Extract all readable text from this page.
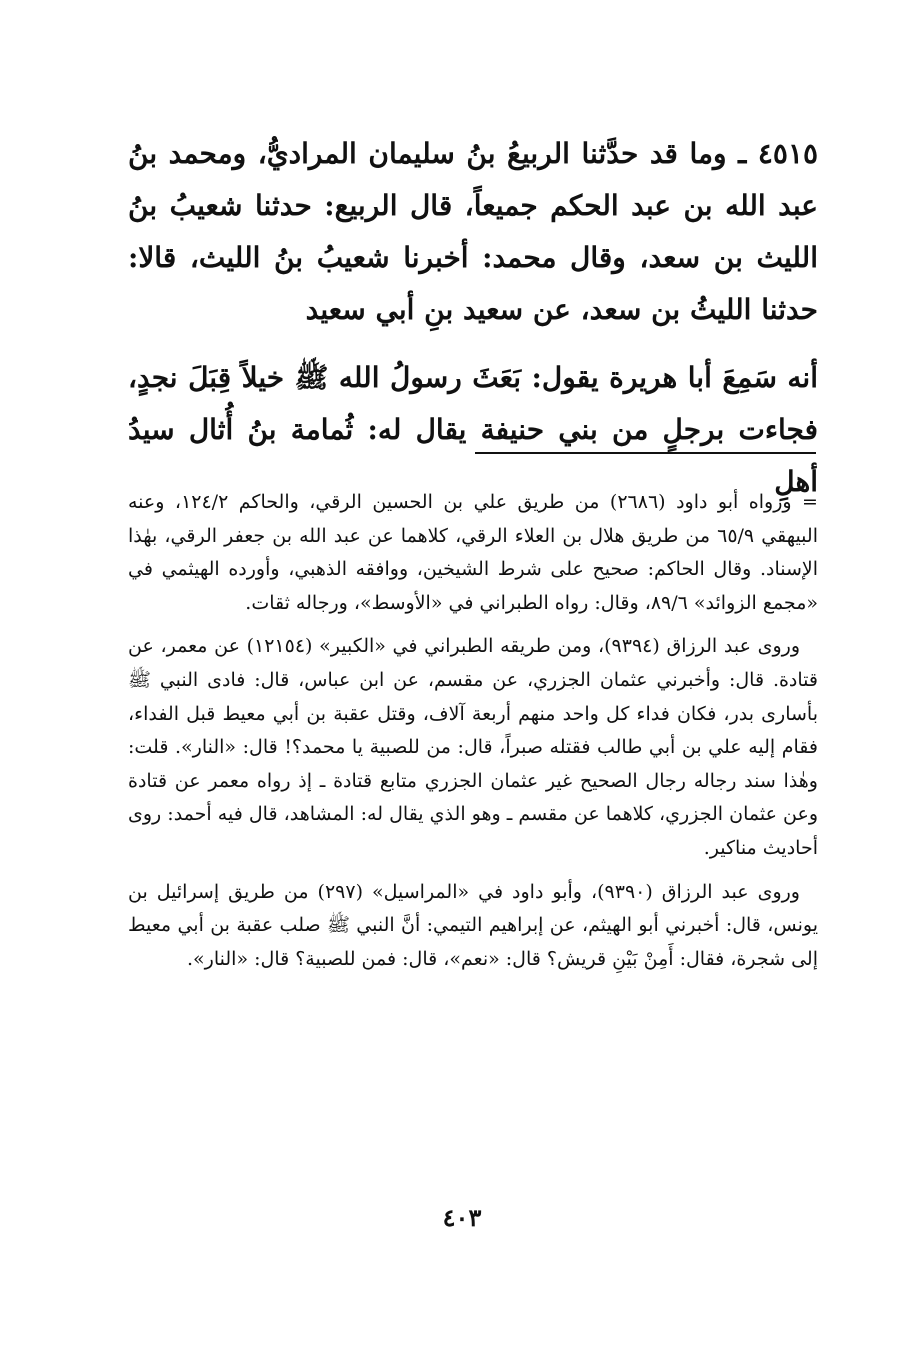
٤٥١٥ ـ وما قد حدَّثنا الربيعُ بنُ سليمان المراديُّ، ومحمد بنُ عبد الله بن عبد الحكم جميعاً، قال الربيع: حدثنا شعيبُ بنُ الليث بن سعد، وقال محمد: أخبرنا شعيبُ بنُ الليث، قالا: حدثنا الليثُ بن سعد، عن سعيد بنِ أبي سعيد

أنه سَمِعَ أبا هريرة يقول: بَعَثَ رسولُ الله ﷺ خيلاً قِبَلَ نجدٍ، فجاءت برجلٍ من بني حنيفة يقال له: ثُمامة بنُ أُثال سيدُ أهلِ

= ورواه أبو داود (٢٦٨٦) من طريق علي بن الحسين الرقي، والحاكم ١٢٤/٢، وعنه البيهقي ٦٥/٩ من طريق هلال بن العلاء الرقي، كلاهما عن عبد الله بن جعفر الرقي، بهٰذا الإسناد. وقال الحاكم: صحيح على شرط الشيخين، ووافقه الذهبي، وأورده الهيثمي في «مجمع الزوائد» ٨٩/٦، وقال: رواه الطبراني في «الأوسط»، ورجاله ثقات.

وروى عبد الرزاق (٩٣٩٤)، ومن طريقه الطبراني في «الكبير» (١٢١٥٤) عن معمر، عن قتادة. قال: وأخبرني عثمان الجزري، عن مقسم، عن ابن عباس، قال: فادى النبي ﷺ بأسارى بدر، فكان فداء كل واحد منهم أربعة آلاف، وقتل عقبة بن أبي معيط قبل الفداء، فقام إليه علي بن أبي طالب فقتله صبراً، قال: من للصبية يا محمد؟! قال: «النار». قلت: وهٰذا سند رجاله رجال الصحيح غير عثمان الجزري متابع قتادة ـ إذ رواه معمر عن قتادة وعن عثمان الجزري، كلاهما عن مقسم ـ وهو الذي يقال له: المشاهد، قال فيه أحمد: روى أحاديث مناكير.

وروى عبد الرزاق (٩٣٩٠)، وأبو داود في «المراسيل» (٢٩٧) من طريق إسرائيل بن يونس، قال: أخبرني أبو الهيثم، عن إبراهيم التيمي: أنَّ النبي ﷺ صلب عقبة بن أبي معيط إلى شجرة، فقال: أَمِنْ بَيْنِ قريش؟ قال: «نعم»، قال: فمن للصبية؟ قال: «النار».

٤٠٣
